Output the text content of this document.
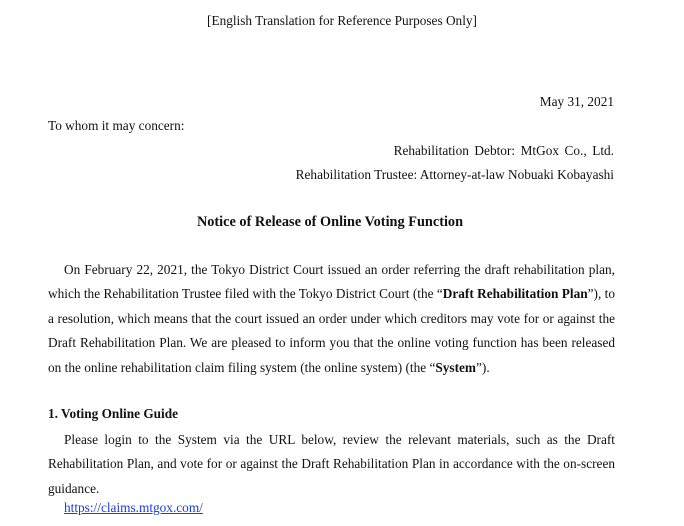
[English Translation for Reference Purposes Only]
May 31, 2021
To whom it may concern:
Rehabilitation Debtor: MtGox Co., Ltd.
Rehabilitation Trustee: Attorney-at-law Nobuaki Kobayashi
Notice of Release of Online Voting Function
On February 22, 2021, the Tokyo District Court issued an order referring the draft rehabilitation plan, which the Rehabilitation Trustee filed with the Tokyo District Court (the “Draft Rehabilitation Plan”), to a resolution, which means that the court issued an order under which creditors may vote for or against the Draft Rehabilitation Plan. We are pleased to inform you that the online voting function has been released on the online rehabilitation claim filing system (the online system) (the “System”).
1. Voting Online Guide
Please login to the System via the URL below, review the relevant materials, such as the Draft Rehabilitation Plan, and vote for or against the Draft Rehabilitation Plan in accordance with the on-screen guidance.
https://claims.mtgox.com/
